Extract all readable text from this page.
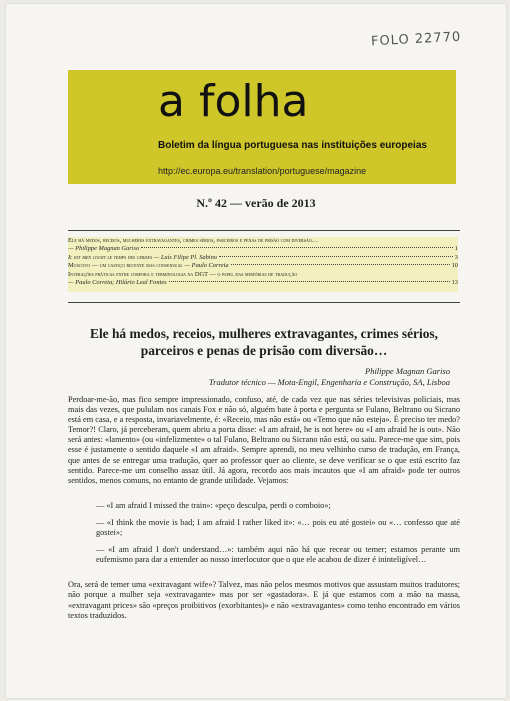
FOLO 22770
a folha
Boletim da língua portuguesa nas instituições europeias
http://ec.europa.eu/translation/portuguese/magazine
N.º 42 — verão de 2013
Ele há medos, receios, mulheres extravagantes, crimes sérios, parceiros e penas de prisão com diversão…
— Philippe Magnan Gariso	1
Il est bien court le temps des cerises — Luís Filipe Pl. Sabino	3
Moscovo — um castiço recente mas consensual — Paulo Correia	10
Interações práticas entre corpora e terminologia na DGT — o papel das memórias de tradução
— Paulo Correia; Hilário Leal Fontes	13
Ele há medos, receios, mulheres extravagantes, crimes sérios,
parceiros e penas de prisão com diversão…
Philippe Magnan Gariso
Tradutor técnico — Mota-Engil, Engenharia e Construção, SA, Lisboa

Perdoar-me-ão, mas fico sempre impressionado, confuso, até, de cada vez que nas séries televisivas policiais, mas mais das vezes, que pululam nos canais Fox e não só, alguém bate à porta e pergunta se Fulano, Beltrano ou Sicrano está em casa, e a resposta, invariavelmente, é: «Receio, mas não está» ou «Temo que não esteja». É preciso ter medo? Temor?! Claro, já perceberam, quem abriu a porta disse: «I am afraid, he is not here» ou «I am afraid he is out». Não será antes: «lamento» (ou «infelizmente» o tal Fulano, Beltrano ou Sicrano não está, ou saiu. Parece-me que sim, pois esse é justamente o sentido daquele «I am afraid». Sempre aprendi, no meu velhinho curso de tradução, em França, que antes de se entregar uma tradução, quer ao professor quer ao cliente, se deve verificar se o que está escrito faz sentido. Parece-me um conselho assaz útil. Já agora, recordo aos mais incautos que «I am afraid» pode ter outros sentidos, menos comuns, no entanto de grande utilidade. Vejamos:

— «I am afraid I missed the train»: «peço desculpa, perdi o comboio»;

— «I think the movie is bad; I am afraid I rather liked it»: «… pois eu até gostei» ou «… confesso que até gostei»;

— «I am afraid I don't understand…»: também aqui não há que recear ou temer; estamos perante um eufemismo para dar a entender ao nosso interlocutor que o que ele acabou de dizer é ininteligível…

Ora, será de temer uma «extravagant wife»? Talvez, mas não pelos mesmos motivos que assustam muitos tradutores; não porque a mulher seja «extravagante» mas por ser «gastadora». E já que estamos com a mão na massa, «extravagant prices» são «preços proibitivos (exorbitantes)» e não «extravagantes» como tenho encontrado em vários textos traduzidos.
